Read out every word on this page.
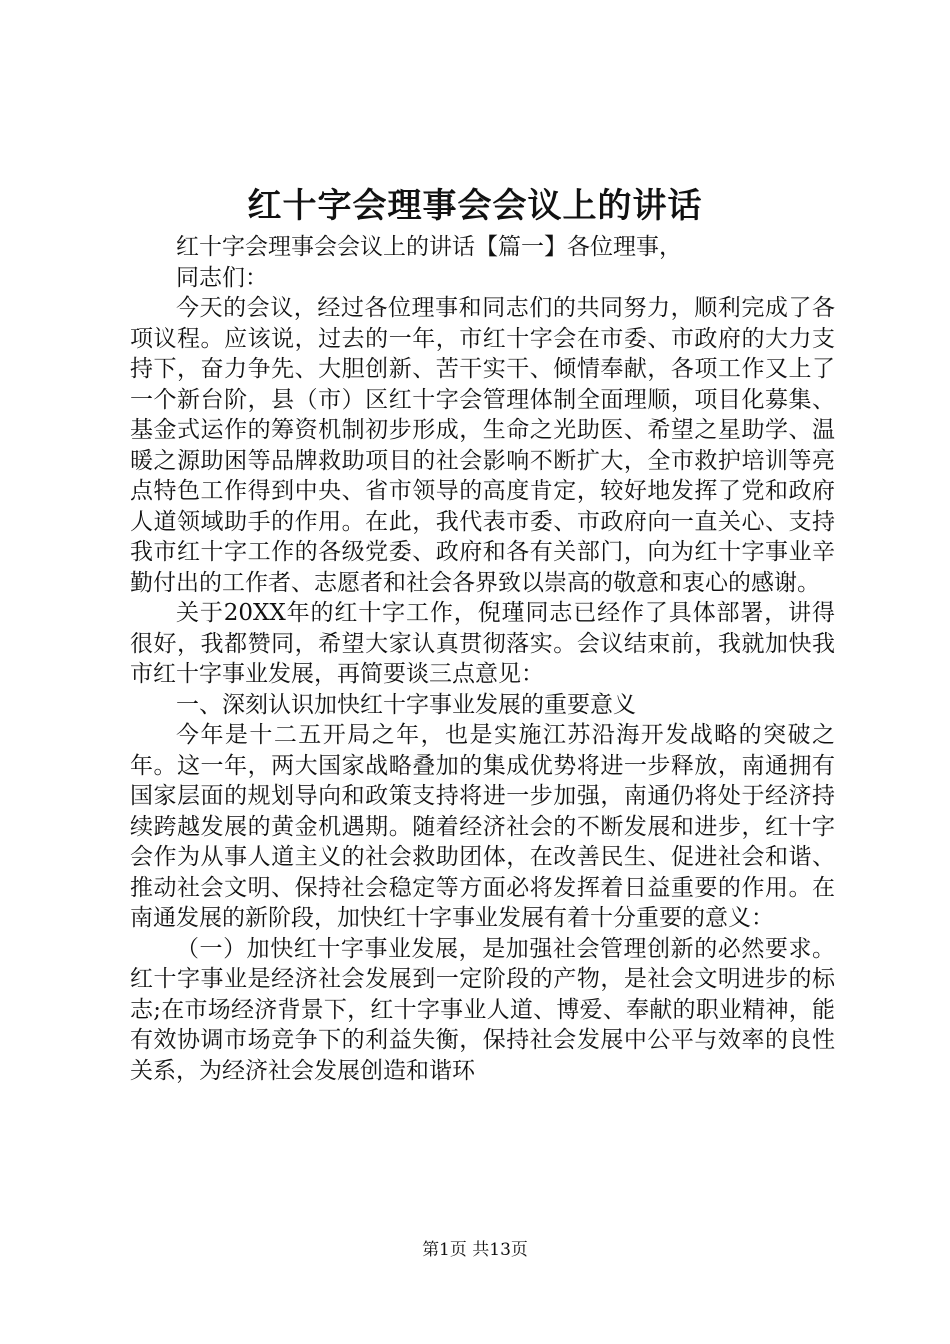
红十字会理事会会议上的讲话

红十字会理事会会议上的讲话【篇一】各位理事，

同志们：

今天的会议，经过各位理事和同志们的共同努力，顺利完成了各项议程。应该说，过去的一年，市红十字会在市委、市政府的大力支持下，奋力争先、大胆创新、苦干实干、倾情奉献，各项工作又上了一个新台阶，县（市）区红十字会管理体制全面理顺，项目化募集、基金式运作的筹资机制初步形成，生命之光助医、希望之星助学、温暖之源助困等品牌救助项目的社会影响不断扩大，全市救护培训等亮点特色工作得到中央、省市领导的高度肯定，较好地发挥了党和政府人道领域助手的作用。在此，我代表市委、市政府向一直关心、支持我市红十字工作的各级党委、政府和各有关部门，向为红十字事业辛勤付出的工作者、志愿者和社会各界致以崇高的敬意和衷心的感谢。

关于20XX年的红十字工作，倪瑾同志已经作了具体部署，讲得很好，我都赞同，希望大家认真贯彻落实。会议结束前，我就加快我市红十字事业发展，再简要谈三点意见：

一、深刻认识加快红十字事业发展的重要意义

今年是十二五开局之年，也是实施江苏沿海开发战略的突破之年。这一年，两大国家战略叠加的集成优势将进一步释放，南通拥有国家层面的规划导向和政策支持将进一步加强，南通仍将处于经济持续跨越发展的黄金机遇期。随着经济社会的不断发展和进步，红十字会作为从事人道主义的社会救助团体，在改善民生、促进社会和谐、推动社会文明、保持社会稳定等方面必将发挥着日益重要的作用。在南通发展的新阶段，加快红十字事业发展有着十分重要的意义：

（一）加快红十字事业发展，是加强社会管理创新的必然要求。红十字事业是经济社会发展到一定阶段的产物，是社会文明进步的标志;在市场经济背景下，红十字事业人道、博爱、奉献的职业精神，能有效协调市场竞争下的利益失衡，保持社会发展中公平与效率的良性关系，为经济社会发展创造和谐环

第1页 共13页
